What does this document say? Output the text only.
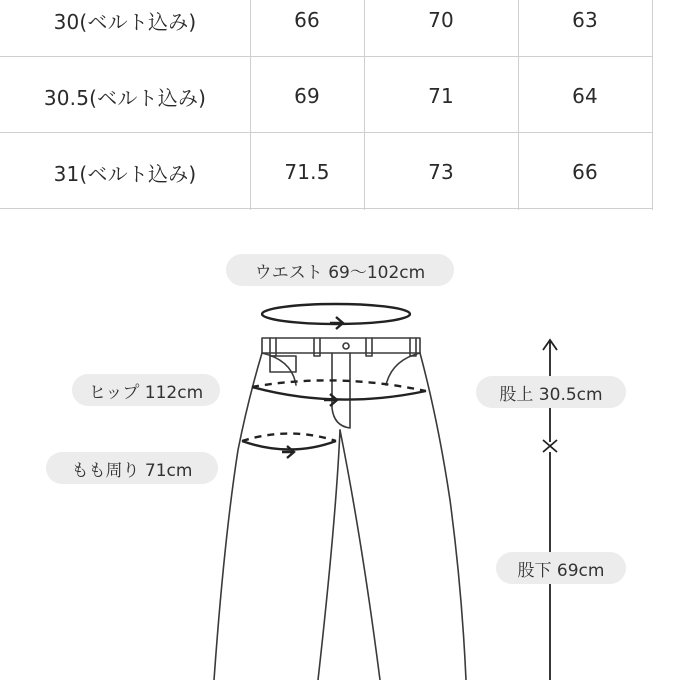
30(ベルト込み)	66	70	63
30.5(ベルト込み)	69	71	64
31(ベルト込み)	71.5	73	66
ウエスト 69〜102cm
ヒップ 112cm
もも周り 71cm
股上 30.5cm
股下 69cm
